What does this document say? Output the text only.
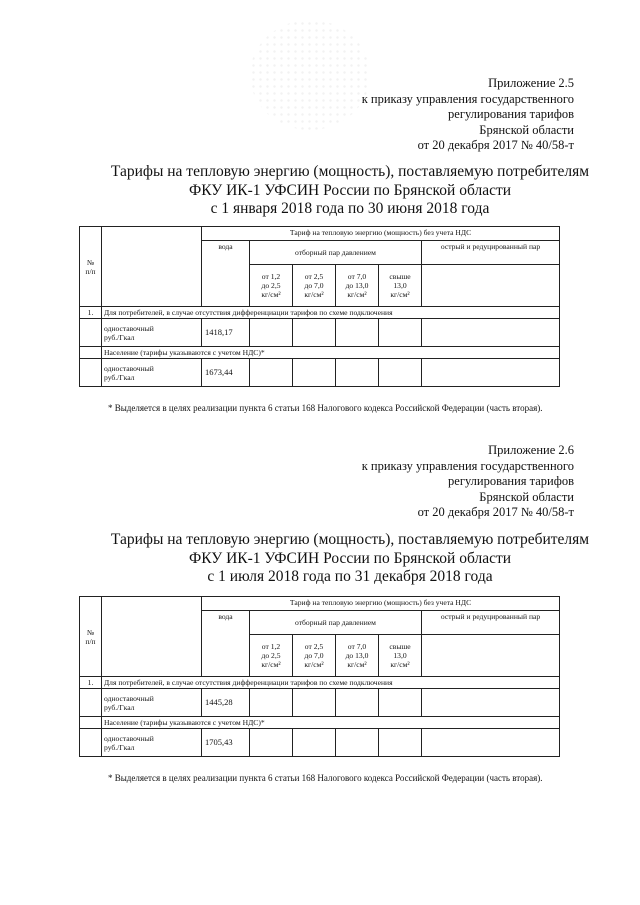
Приложение 2.5
к приказу управления государственного
регулирования тарифов
Брянской области
от 20 декабря 2017 № 40/58-т
Тарифы на тепловую энергию (мощность), поставляемую потребителям
ФКУ ИК-1 УФСИН России по Брянской области
с 1 января 2018 года по 30 июня 2018 года
№
п/п		Тариф на тепловую энергию (мощность) без учета НДС					
		вода	отборный пар давлением				острый и редуцированный пар
			от 1,2
до 2,5
кг/см²	от 2,5
до 7,0
кг/см²	от 7,0
до 13,0
кг/см²	свыше
13,0
кг/см²	
1.	Для потребителей, в случае отсутствия дифференциации тарифов по схеме подключения						
	одноставочный
руб./Гкал	1418,17					
	Население (тарифы указываются с учетом НДС)*						
	одноставочный
руб./Гкал	1673,44					
* Выделяется в целях реализации пункта 6 статьи 168 Налогового кодекса Российской Федерации (часть вторая).
Приложение 2.6
к приказу управления государственного
регулирования тарифов
Брянской области
от 20 декабря 2017 № 40/58-т
Тарифы на тепловую энергию (мощность), поставляемую потребителям
ФКУ ИК-1 УФСИН России по Брянской области
с 1 июля 2018 года по 31 декабря 2018 года
№
п/п		Тариф на тепловую энергию (мощность) без учета НДС					
		вода	отборный пар давлением				острый и редуцированный пар
			от 1,2
до 2,5
кг/см²	от 2,5
до 7,0
кг/см²	от 7,0
до 13,0
кг/см²	свыше
13,0
кг/см²	
1.	Для потребителей, в случае отсутствия дифференциации тарифов по схеме подключения						
	одноставочный
руб./Гкал	1445,28					
	Население (тарифы указываются с учетом НДС)*						
	одноставочный
руб./Гкал	1705,43					
* Выделяется в целях реализации пункта 6 статьи 168 Налогового кодекса Российской Федерации (часть вторая).
